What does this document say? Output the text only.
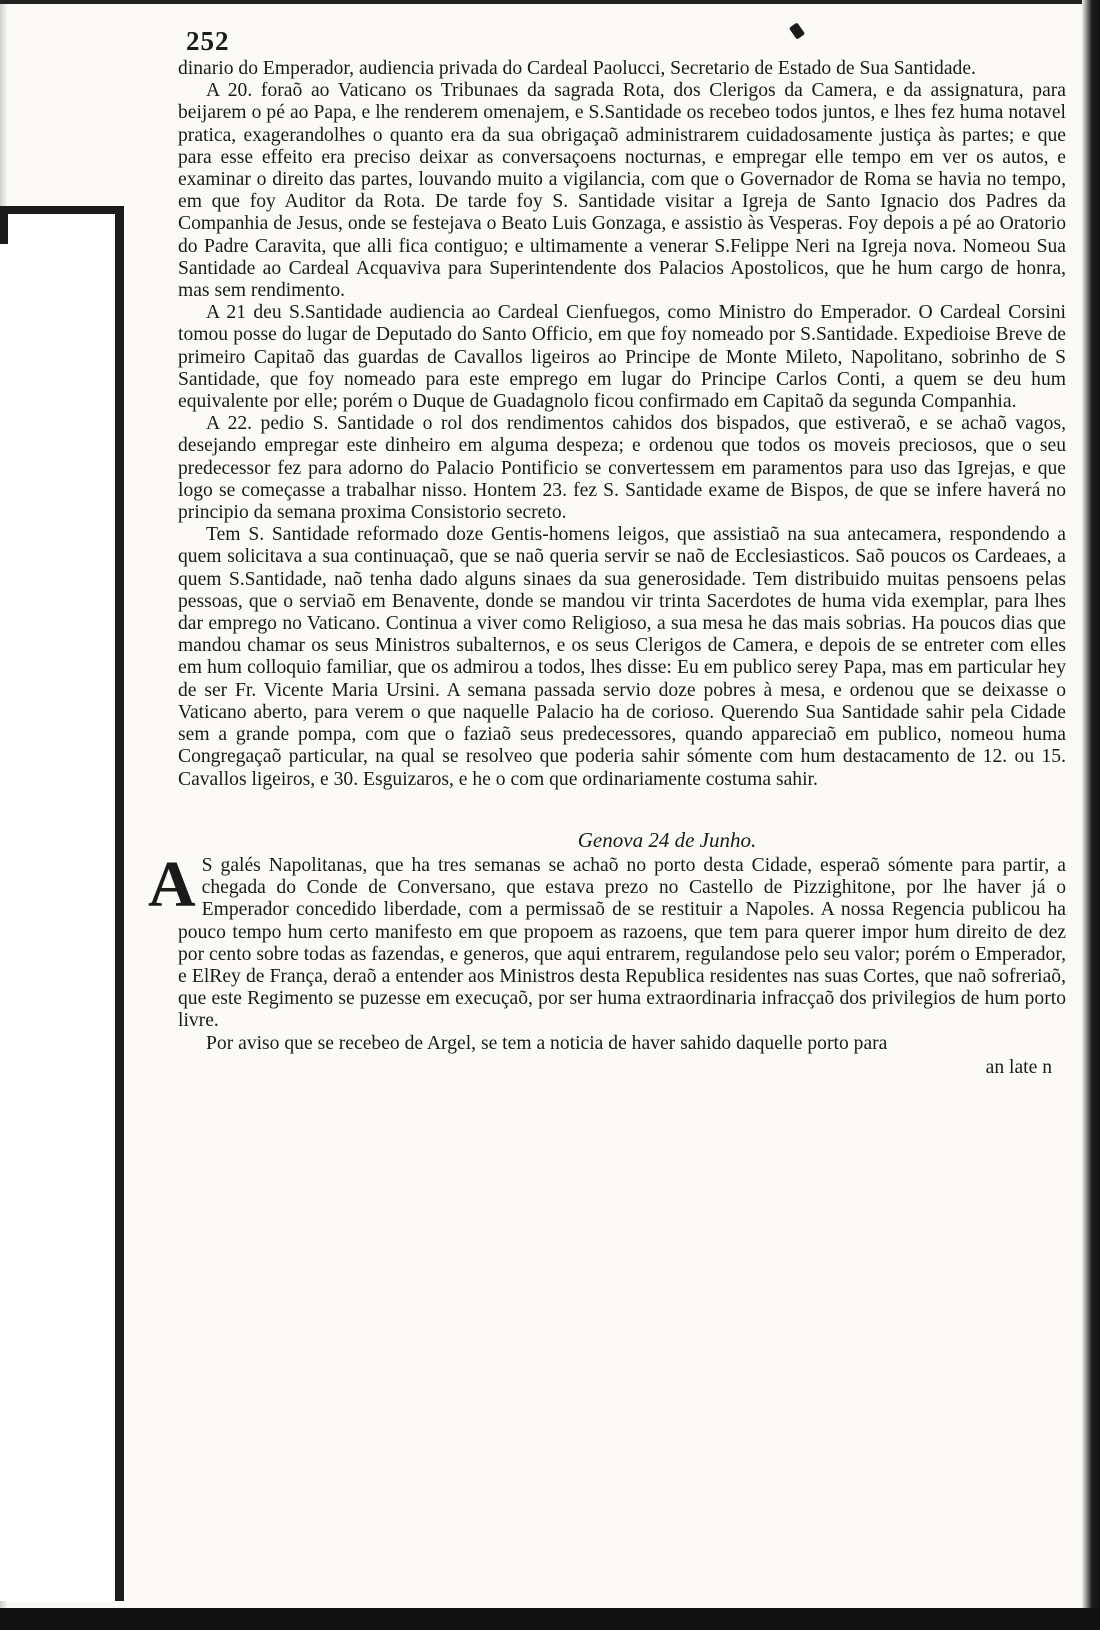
252

dinario do Emperador, audiencia privada do Cardeal Paolucci, Secretario de Estado de Sua Santidade.

A 20. foraõ ao Vaticano os Tribunaes da sagrada Rota, dos Clerigos da Camera, e da assignatura, para beijarem o pé ao Papa, e lhe renderem omenajem, e S.Santidade os recebeo todos juntos, e lhes fez huma notavel pratica, exagerandolhes o quanto era da sua obrigaçaõ administrarem cuidadosamente justiça às partes; e que para esse effeito era preciso deixar as conversaçoens nocturnas, e empregar elle tempo em ver os autos, e examinar o direito das partes, louvando muito a vigilancia, com que o Governador de Roma se havia no tempo, em que foy Auditor da Rota. De tarde foy S. Santidade visitar a Igreja de Santo Ignacio dos Padres da Companhia de Jesus, onde se festejava o Beato Luis Gonzaga, e assistio às Vesperas. Foy depois a pé ao Oratorio do Padre Caravita, que alli fica contiguo; e ultimamente a venerar S.Felippe Neri na Igreja nova. Nomeou Sua Santidade ao Cardeal Acquaviva para Superintendente dos Palacios Apostolicos, que he hum cargo de honra, mas sem rendimento.

A 21 deu S.Santidade audiencia ao Cardeal Cienfuegos, como Ministro do Emperador. O Cardeal Corsini tomou posse do lugar de Deputado do Santo Officio, em que foy nomeado por S.Santidade. Expedioise Breve de primeiro Capitaõ das guardas de Cavallos ligeiros ao Principe de Monte Mileto, Napolitano, sobrinho de S Santidade, que foy nomeado para este emprego em lugar do Principe Carlos Conti, a quem se deu hum equivalente por elle; porém o Duque de Guadagnolo ficou confirmado em Capitaõ da segunda Companhia.

A 22. pedio S. Santidade o rol dos rendimentos cahidos dos bispados, que estiveraõ, e se achaõ vagos, desejando empregar este dinheiro em alguma despeza; e ordenou que todos os moveis preciosos, que o seu predecessor fez para adorno do Palacio Pontificio se convertessem em paramentos para uso das Igrejas, e que logo se começasse a trabalhar nisso. Hontem 23. fez S. Santidade exame de Bispos, de que se infere haverá no principio da semana proxima Consistorio secreto.

Tem S. Santidade reformado doze Gentis-homens leigos, que assistiaõ na sua antecamera, respondendo a quem solicitava a sua continuaçaõ, que se naõ queria servir se naõ de Ecclesiasticos. Saõ poucos os Cardeaes, a quem S.Santidade, naõ tenha dado alguns sinaes da sua generosidade. Tem distribuido muitas pensoens pelas pessoas, que o serviaõ em Benavente, donde se mandou vir trinta Sacerdotes de huma vida exemplar, para lhes dar emprego no Vaticano. Continua a viver como Religioso, a sua mesa he das mais sobrias. Ha poucos dias que mandou chamar os seus Ministros subalternos, e os seus Clerigos de Camera, e depois de se entreter com elles em hum colloquio familiar, que os admirou a todos, lhes disse: Eu em publico serey Papa, mas em particular hey de ser Fr. Vicente Maria Ursini. A semana passada servio doze pobres à mesa, e ordenou que se deixasse o Vaticano aberto, para verem o que naquelle Palacio ha de corioso. Querendo Sua Santidade sahir pela Cidade sem a grande pompa, com que o faziaõ seus predecessores, quando appareciaõ em publico, nomeou huma Congregaçaõ particular, na qual se resolveo que poderia sahir sómente com hum destacamento de 12. ou 15. Cavallos ligeiros, e 30. Esguizaros, e he o com que ordinariamente costuma sahir.

Genova 24 de Junho.

A S galés Napolitanas, que ha tres semanas se achaõ no porto desta Cidade, esperaõ sómente para partir, a chegada do Conde de Conversano, que estava prezo no Castello de Pizzighitone, por lhe haver já o Emperador concedido liberdade, com a permissaõ de se restituir a Napoles. A nossa Regencia publicou ha pouco tempo hum certo manifesto em que propoem as razoens, que tem para querer impor hum direito de dez por cento sobre todas as fazendas, e generos, que aqui entrarem, regulandose pelo seu valor; porém o Emperador, e ElRey de França, deraõ a entender aos Ministros desta Republica residentes nas suas Cortes, que naõ sofreriaõ, que este Regimento se puzesse em execuçaõ, por ser huma extraordinaria infracçaõ dos privilegios de hum porto livre.

Por aviso que se recebeo de Argel, se tem a noticia de haver sahido daquelle porto para

an late n
